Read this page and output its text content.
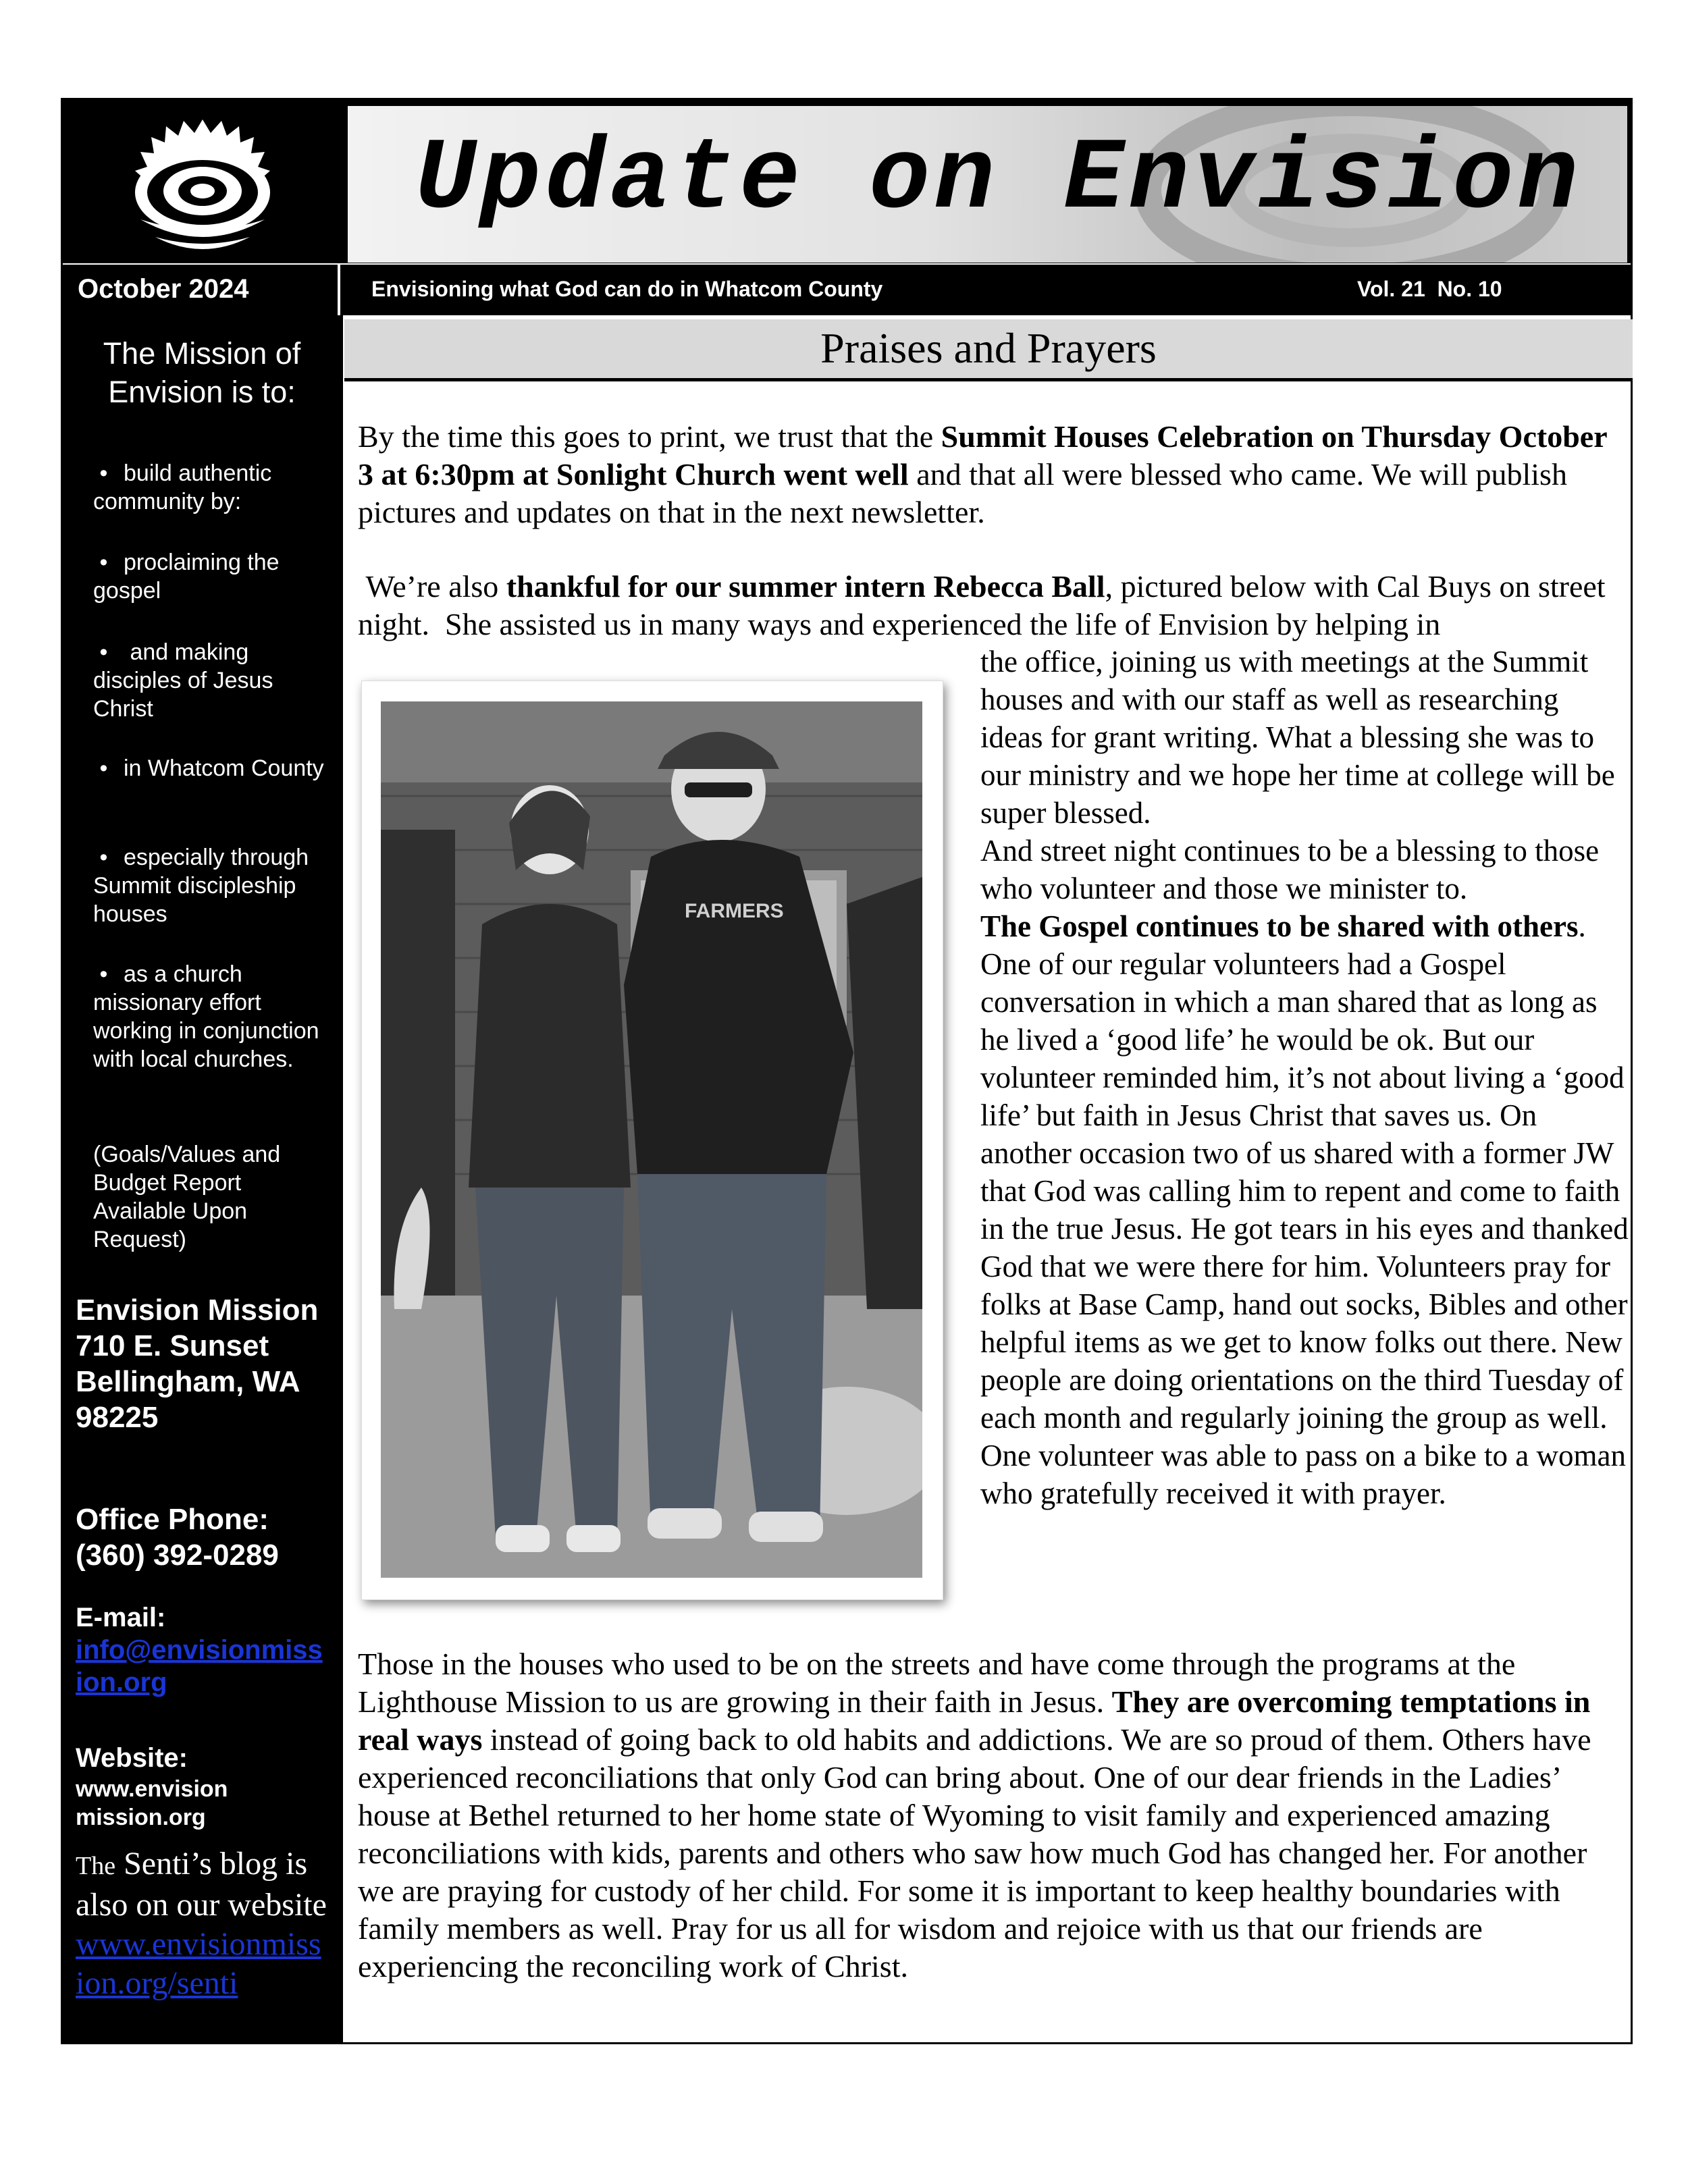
Update on Envision
October 2024	Envisioning what God can do in Whatcom County	Vol. 21  No. 10
The Mission of
Envision is to:
• build authentic community by:
• proclaiming the gospel
• and making disciples of Jesus Christ
• in Whatcom County
• especially through Summit discipleship houses
• as a church missionary effort working in conjunction with local churches.
(Goals/Values and Budget Report Available Upon Request)
Envision Mission
710 E. Sunset
Bellingham, WA 98225
Office Phone:
(360) 392-0289
E-mail:
info@envisionmission.org
Website:
www.envision mission.org
The Senti’s blog is also on our website
www.envisionmission.org/senti
Praises and Prayers
By the time this goes to print, we trust that the Summit Houses Celebration on Thursday October 3 at 6:30pm at Sonlight Church went well and that all were blessed who came. We will publish pictures and updates on that in the next newsletter.
We’re also thankful for our summer intern Rebecca Ball, pictured below with Cal Buys on street night.  She assisted us in many ways and experienced the life of Envision by helping in
the office, joining us with meetings at the Summit houses and with our staff as well as researching ideas for grant writing. What a blessing she was to our ministry and we hope her time at college will be super blessed.
And street night continues to be a blessing to those who volunteer and those we minister to.
The Gospel continues to be shared with others. One of our regular volunteers had a Gospel conversation in which a man shared that as long as he lived a ‘good life’ he would be ok. But our volunteer reminded him, it’s not about living a ‘good life’ but faith in Jesus Christ that saves us. On another occasion two of us shared with a former JW that God was calling him to repent and come to faith in the true Jesus. He got tears in his eyes and thanked God that we were there for him. Volunteers pray for folks at Base Camp, hand out socks, Bibles and other helpful items as we get to know folks out there. New people are doing orientations on the third Tuesday of each month and regularly joining the group as well. One volunteer was able to pass on a bike to a woman who gratefully received it with prayer.
Those in the houses who used to be on the streets and have come through the programs at the Lighthouse Mission to us are growing in their faith in Jesus. They are overcoming temptations in real ways instead of going back to old habits and addictions. We are so proud of them. Others have experienced reconciliations that only God can bring about. One of our dear friends in the Ladies’ house at Bethel returned to her home state of Wyoming to visit family and experienced amazing reconciliations with kids, parents and others who saw how much God has changed her. For another we are praying for custody of her child. For some it is important to keep healthy boundaries with family members as well. Pray for us all for wisdom and rejoice with us that our friends are experiencing the reconciling work of Christ.
FARMERS
